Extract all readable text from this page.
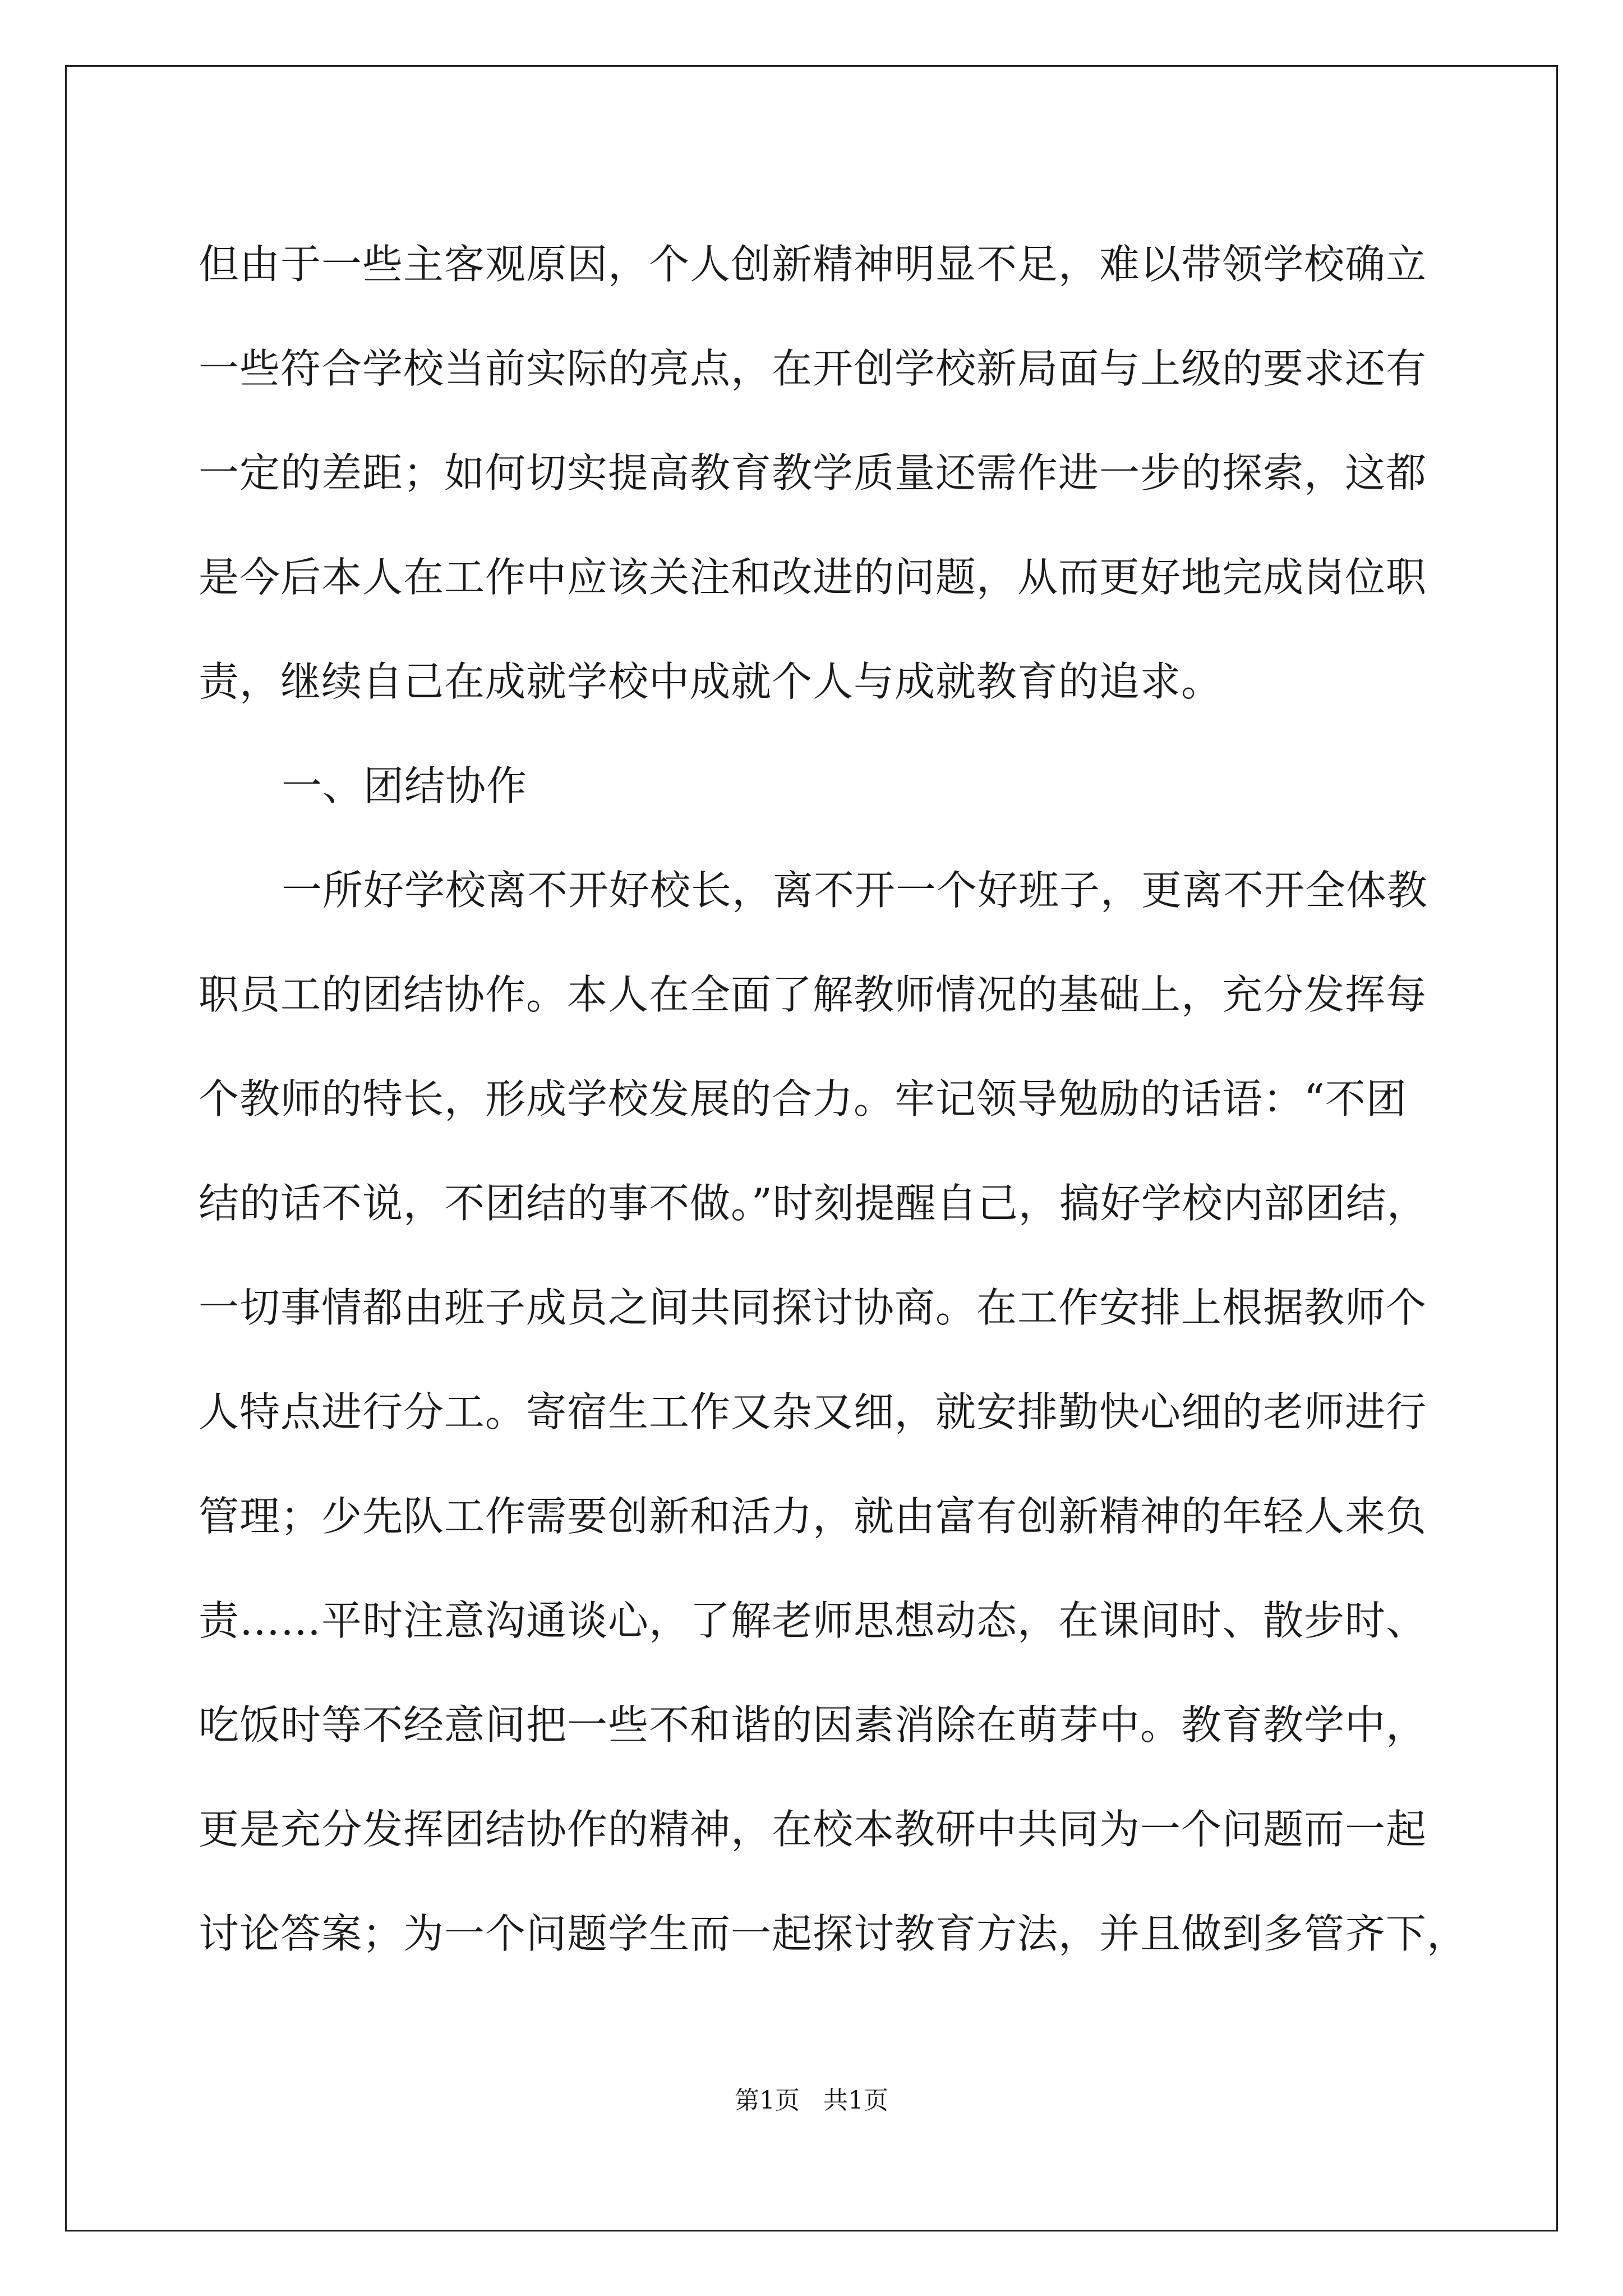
但由于一些主客观原因，个人创新精神明显不足，难以带领学校确立
一些符合学校当前实际的亮点，在开创学校新局面与上级的要求还有
一定的差距；如何切实提高教育教学质量还需作进一步的探索，这都
是今后本人在工作中应该关注和改进的问题，从而更好地完成岗位职
责，继续自己在成就学校中成就个人与成就教育的追求。
一、团结协作
一所好学校离不开好校长，离不开一个好班子，更离不开全体教
职员工的团结协作。本人在全面了解教师情况的基础上，充分发挥每
个教师的特长，形成学校发展的合力。牢记领导勉励的话语：“不团
结的话不说，不团结的事不做。”时刻提醒自己，搞好学校内部团结，
一切事情都由班子成员之间共同探讨协商。在工作安排上根据教师个
人特点进行分工。寄宿生工作又杂又细，就安排勤快心细的老师进行
管理；少先队工作需要创新和活力，就由富有创新精神的年轻人来负
责……平时注意沟通谈心，了解老师思想动态，在课间时、散步时、
吃饭时等不经意间把一些不和谐的因素消除在萌芽中。教育教学中，
更是充分发挥团结协作的精神，在校本教研中共同为一个问题而一起
讨论答案；为一个问题学生而一起探讨教育方法，并且做到多管齐下，
第1页   共1页
